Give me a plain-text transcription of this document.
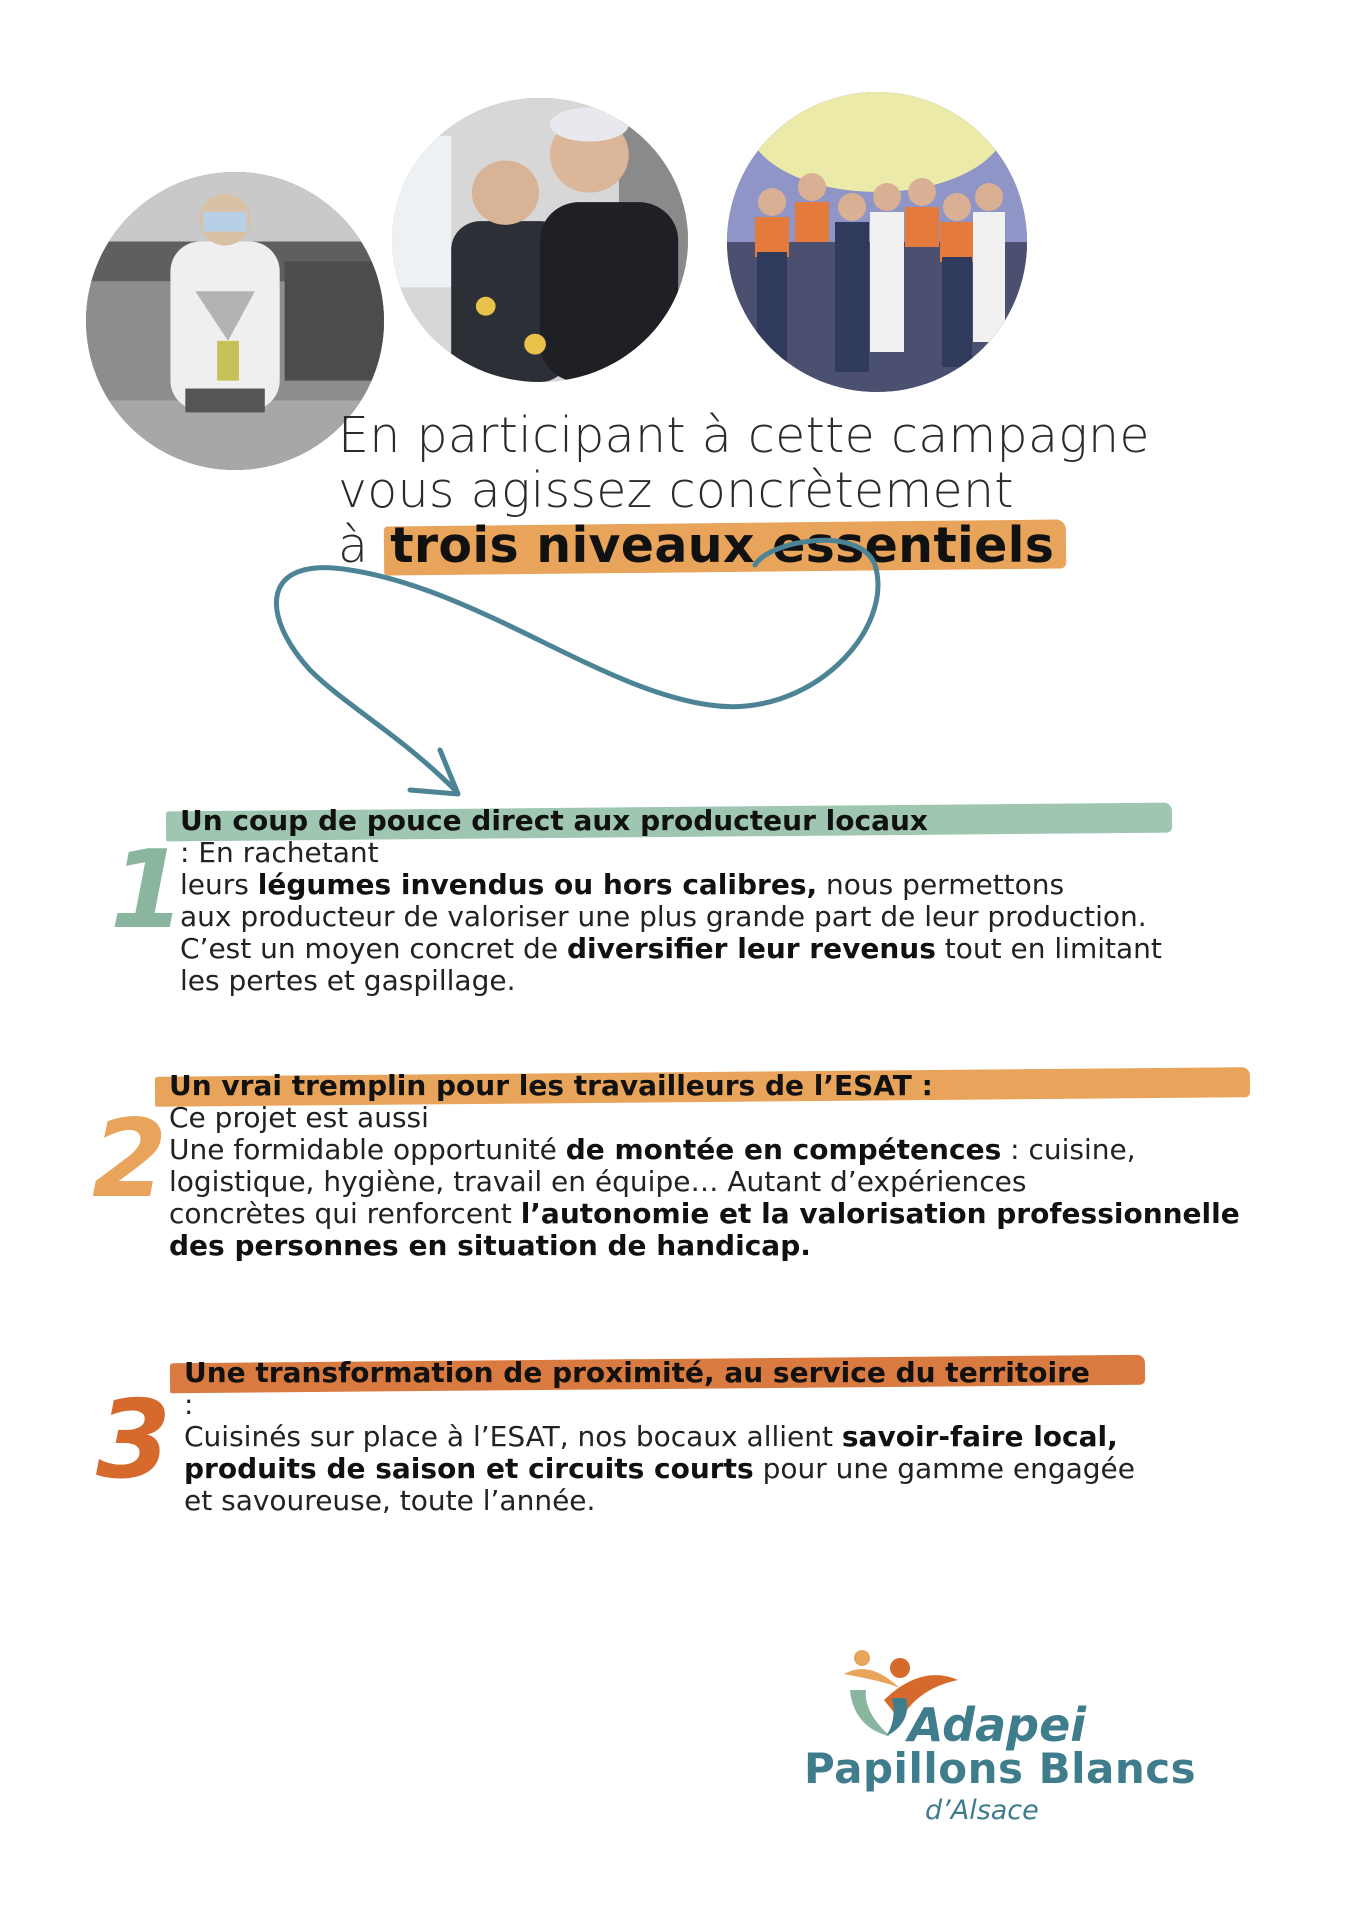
En participant à cette campagne
vous agissez concrètement
à trois niveaux essentiels
1
Un coup de pouce direct aux producteur locaux
: En rachetant
leurs légumes invendus ou hors calibres, nous permettons
aux producteur de valoriser une plus grande part de leur production.
C’est un moyen concret de diversifier leur revenus tout en limitant
les pertes et gaspillage.
2
Un vrai tremplin pour les travailleurs de l’ESAT :
Ce projet est aussi
Une formidable opportunité de montée en compétences : cuisine,
logistique, hygiène, travail en équipe… Autant d’expériences
concrètes qui renforcent l’autonomie et la valorisation professionnelle
des personnes en situation de handicap.
3
Une transformation de proximité, au service du territoire
:
Cuisinés sur place à l’ESAT, nos bocaux allient savoir-faire local,
produits de saison et circuits courts pour une gamme engagée
et savoureuse, toute l’année.
Adapei
Papillons Blancs
d’Alsace
